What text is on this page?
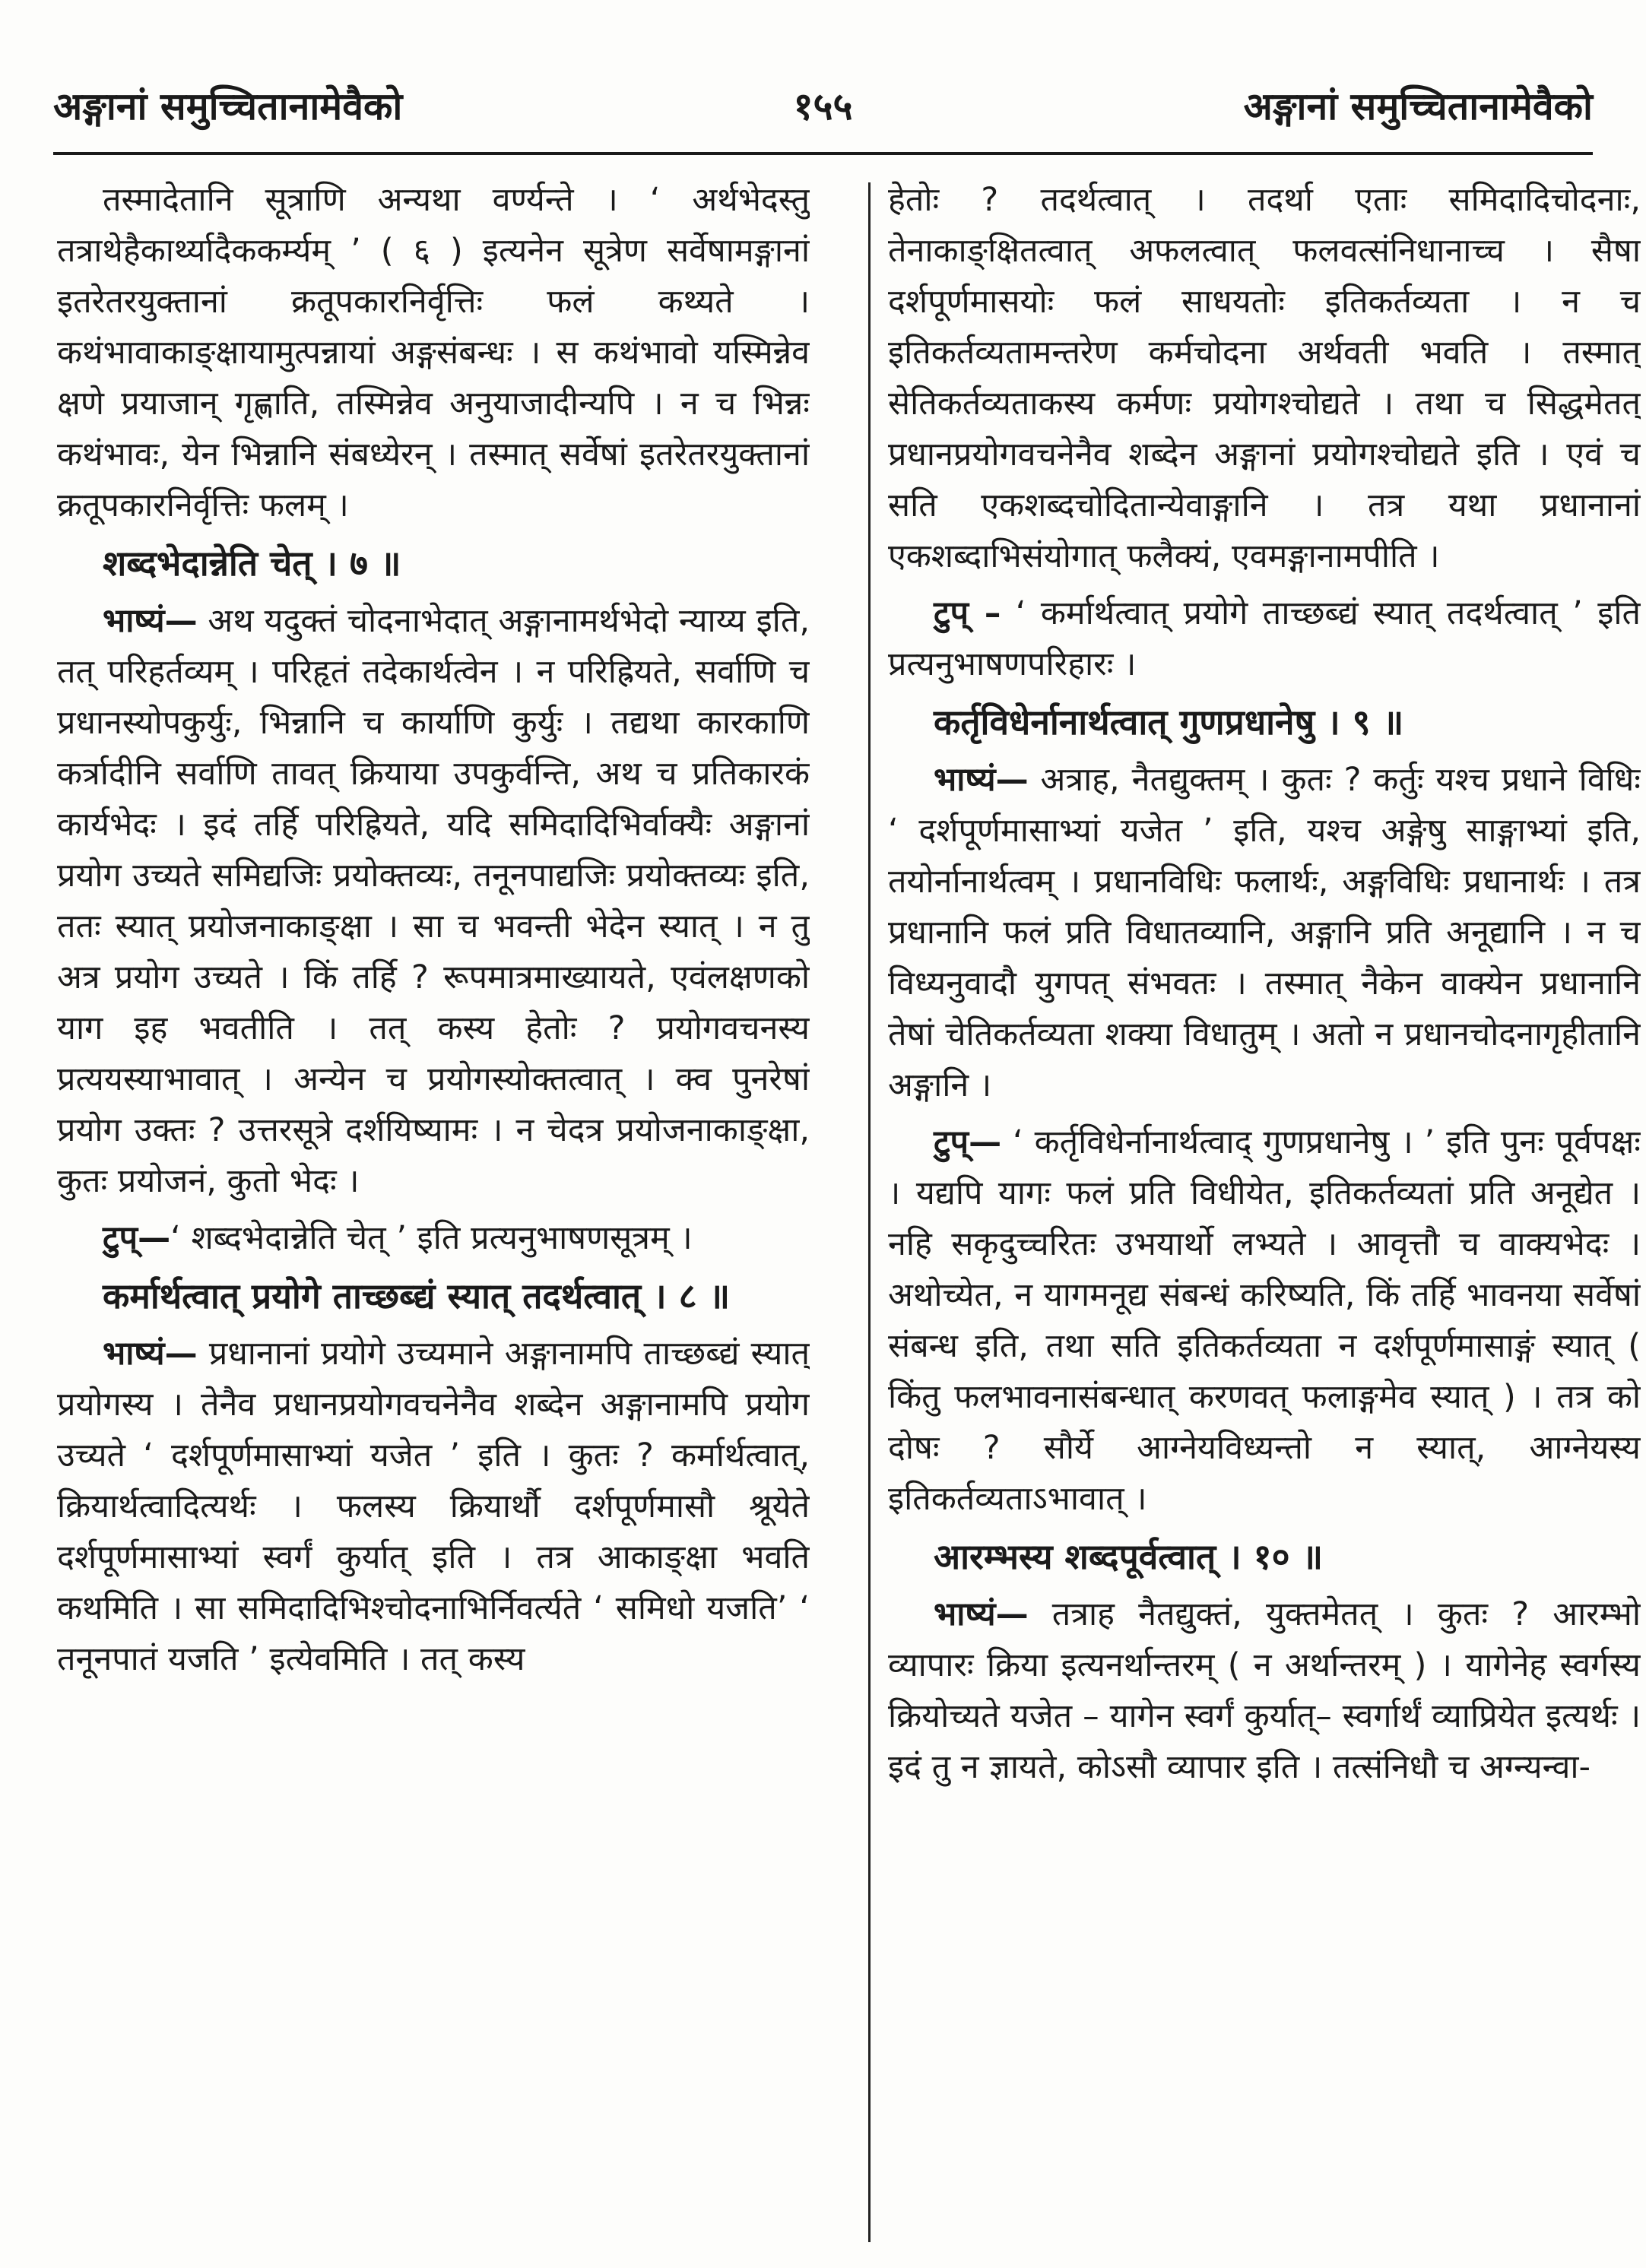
अङ्गानां समुच्चितानामेवैको	१५५	अङ्गानां समुच्चितानामेवैको

तस्मादेतानि सूत्राणि अन्यथा वर्ण्यन्ते । ‘ अर्थभेदस्तु तत्राथेहैकार्थ्यादैककर्म्यम् ’ ( ६ ) इत्यनेन सूत्रेण सर्वेषामङ्गानां इतरेतरयुक्तानां क्रतूपकारनिर्वृत्तिः फलं कथ्यते । कथंभावाकाङ्क्षायामुत्पन्नायां अङ्गसंबन्धः । स कथंभावो यस्मिन्नेव क्षणे प्रयाजान् गृह्णाति, तस्मिन्नेव अनुयाजादीन्यपि । न च भिन्नः कथंभावः, येन भिन्नानि संबध्येरन् । तस्मात् सर्वेषां इतरेतरयुक्तानां क्रतूपकारनिर्वृत्तिः फलम् ।

शब्दभेदान्नेति चेत् । ७ ॥

भाष्यं— अथ यदुक्तं चोदनाभेदात् अङ्गानामर्थभेदो न्याय्य इति, तत् परिहर्तव्यम् । परिहृतं तदेकार्थत्वेन । न परिह्रियते, सर्वाणि च प्रधानस्योपकुर्युः, भिन्नानि च कार्याणि कुर्युः । तद्यथा कारकाणि कर्त्रादीनि सर्वाणि तावत् क्रियाया उपकुर्वन्ति, अथ च प्रतिकारकं कार्यभेदः । इदं तर्हि परिह्रियते, यदि समिदादिभिर्वाक्यैः अङ्गानां प्रयोग उच्यते समिद्यजिः प्रयोक्तव्यः, तनूनपाद्यजिः प्रयोक्तव्यः इति, ततः स्यात् प्रयोजनाकाङ्क्षा । सा च भवन्ती भेदेन स्यात् । न तु अत्र प्रयोग उच्यते । किं तर्हि ? रूपमात्रमाख्यायते, एवंलक्षणको याग इह भवतीति । तत् कस्य हेतोः ? प्रयोगवचनस्य प्रत्ययस्याभावात् । अन्येन च प्रयोगस्योक्तत्वात् । क्व पुनरेषां प्रयोग उक्तः ? उत्तरसूत्रे दर्शयिष्यामः । न चेदत्र प्रयोजनाकाङ्क्षा, कुतः प्रयोजनं, कुतो भेदः ।

टुप्—‘ शब्दभेदान्नेति चेत् ’ इति प्रत्यनुभाषणसूत्रम् ।

कर्मार्थत्वात् प्रयोगे ताच्छब्द्यं स्यात् तदर्थत्वात् । ८ ॥

भाष्यं— प्रधानानां प्रयोगे उच्यमाने अङ्गानामपि ताच्छब्द्यं स्यात् प्रयोगस्य । तेनैव प्रधानप्रयोगवचनेनैव शब्देन अङ्गानामपि प्रयोग उच्यते ‘ दर्शपूर्णमासाभ्यां यजेत ’ इति । कुतः ? कर्मार्थत्वात्, क्रियार्थत्वादित्यर्थः । फलस्य क्रियार्थौ दर्शपूर्णमासौ श्रूयेते दर्शपूर्णमासाभ्यां स्वर्गं कुर्यात् इति । तत्र आकाङ्क्षा भवति कथमिति । सा समिदादिभिश्चोदनाभिर्निवर्त्यते ‘ समिधो यजति’ ‘ तनूनपातं यजति ’ इत्येवमिति । तत् कस्य

हेतोः ? तदर्थत्वात् । तदर्था एताः समिदादिचोदनाः, तेनाकाङ्क्षितत्वात् अफलत्वात् फलवत्संनिधानाच्च । सैषा दर्शपूर्णमासयोः फलं साधयतोः इतिकर्तव्यता । न च इतिकर्तव्यतामन्तरेण कर्मचोदना अर्थवती भवति । तस्मात् सेतिकर्तव्यताकस्य कर्मणः प्रयोगश्चोद्यते । तथा च सिद्धमेतत् प्रधानप्रयोगवचनेनैव शब्देन अङ्गानां प्रयोगश्चोद्यते इति । एवं च सति एकशब्दचोदितान्येवाङ्गानि । तत्र यथा प्रधानानां एकशब्दाभिसंयोगात् फलैक्यं, एवमङ्गानामपीति ।

टुप् – ‘ कर्मार्थत्वात् प्रयोगे ताच्छब्द्यं स्यात् तदर्थत्वात् ’ इति प्रत्यनुभाषणपरिहारः ।

कर्तृविधेर्नानार्थत्वात् गुणप्रधानेषु । ९ ॥

भाष्यं— अत्राह, नैतद्युक्तम् । कुतः ? कर्तुः यश्च प्रधाने विधिः ‘ दर्शपूर्णमासाभ्यां यजेत ’ इति, यश्च अङ्गेषु साङ्गाभ्यां इति, तयोर्नानार्थत्वम् । प्रधानविधिः फलार्थः, अङ्गविधिः प्रधानार्थः । तत्र प्रधानानि फलं प्रति विधातव्यानि, अङ्गानि प्रति अनूद्यानि । न च विध्यनुवादौ युगपत् संभवतः । तस्मात् नैकेन वाक्येन प्रधानानि तेषां चेतिकर्तव्यता शक्या विधातुम् । अतो न प्रधानचोदनागृहीतानि अङ्गानि ।

टुप्— ‘ कर्तृविधेर्नानार्थत्वाद् गुणप्रधानेषु । ’ इति पुनः पूर्वपक्षः । यद्यपि यागः फलं प्रति विधीयेत, इतिकर्तव्यतां प्रति अनूद्येत । नहि सकृदुच्चरितः उभयार्थो लभ्यते । आवृत्तौ च वाक्यभेदः । अथोच्येत, न यागमनूद्य संबन्धं करिष्यति, किं तर्हि भावनया सर्वेषां संबन्ध इति, तथा सति इतिकर्तव्यता न दर्शपूर्णमासाङ्गं स्यात् ( किंतु फलभावनासंबन्धात् करणवत् फलाङ्गमेव स्यात् ) । तत्र को दोषः ? सौर्ये आग्नेयविध्यन्तो न स्यात्, आग्नेयस्य इतिकर्तव्यताऽभावात् ।

आरम्भस्य शब्दपूर्वत्वात् । १० ॥

भाष्यं— तत्राह नैतद्युक्तं, युक्तमेतत् । कुतः ? आरम्भो व्यापारः क्रिया इत्यनर्थान्तरम् ( न अर्थान्तरम् ) । यागेनेह स्वर्गस्य क्रियोच्यते यजेत – यागेन स्वर्गं कुर्यात्– स्वर्गार्थं व्याप्रियेत इत्यर्थः । इदं तु न ज्ञायते, कोऽसौ व्यापार इति । तत्संनिधौ च अग्न्यन्वा-
